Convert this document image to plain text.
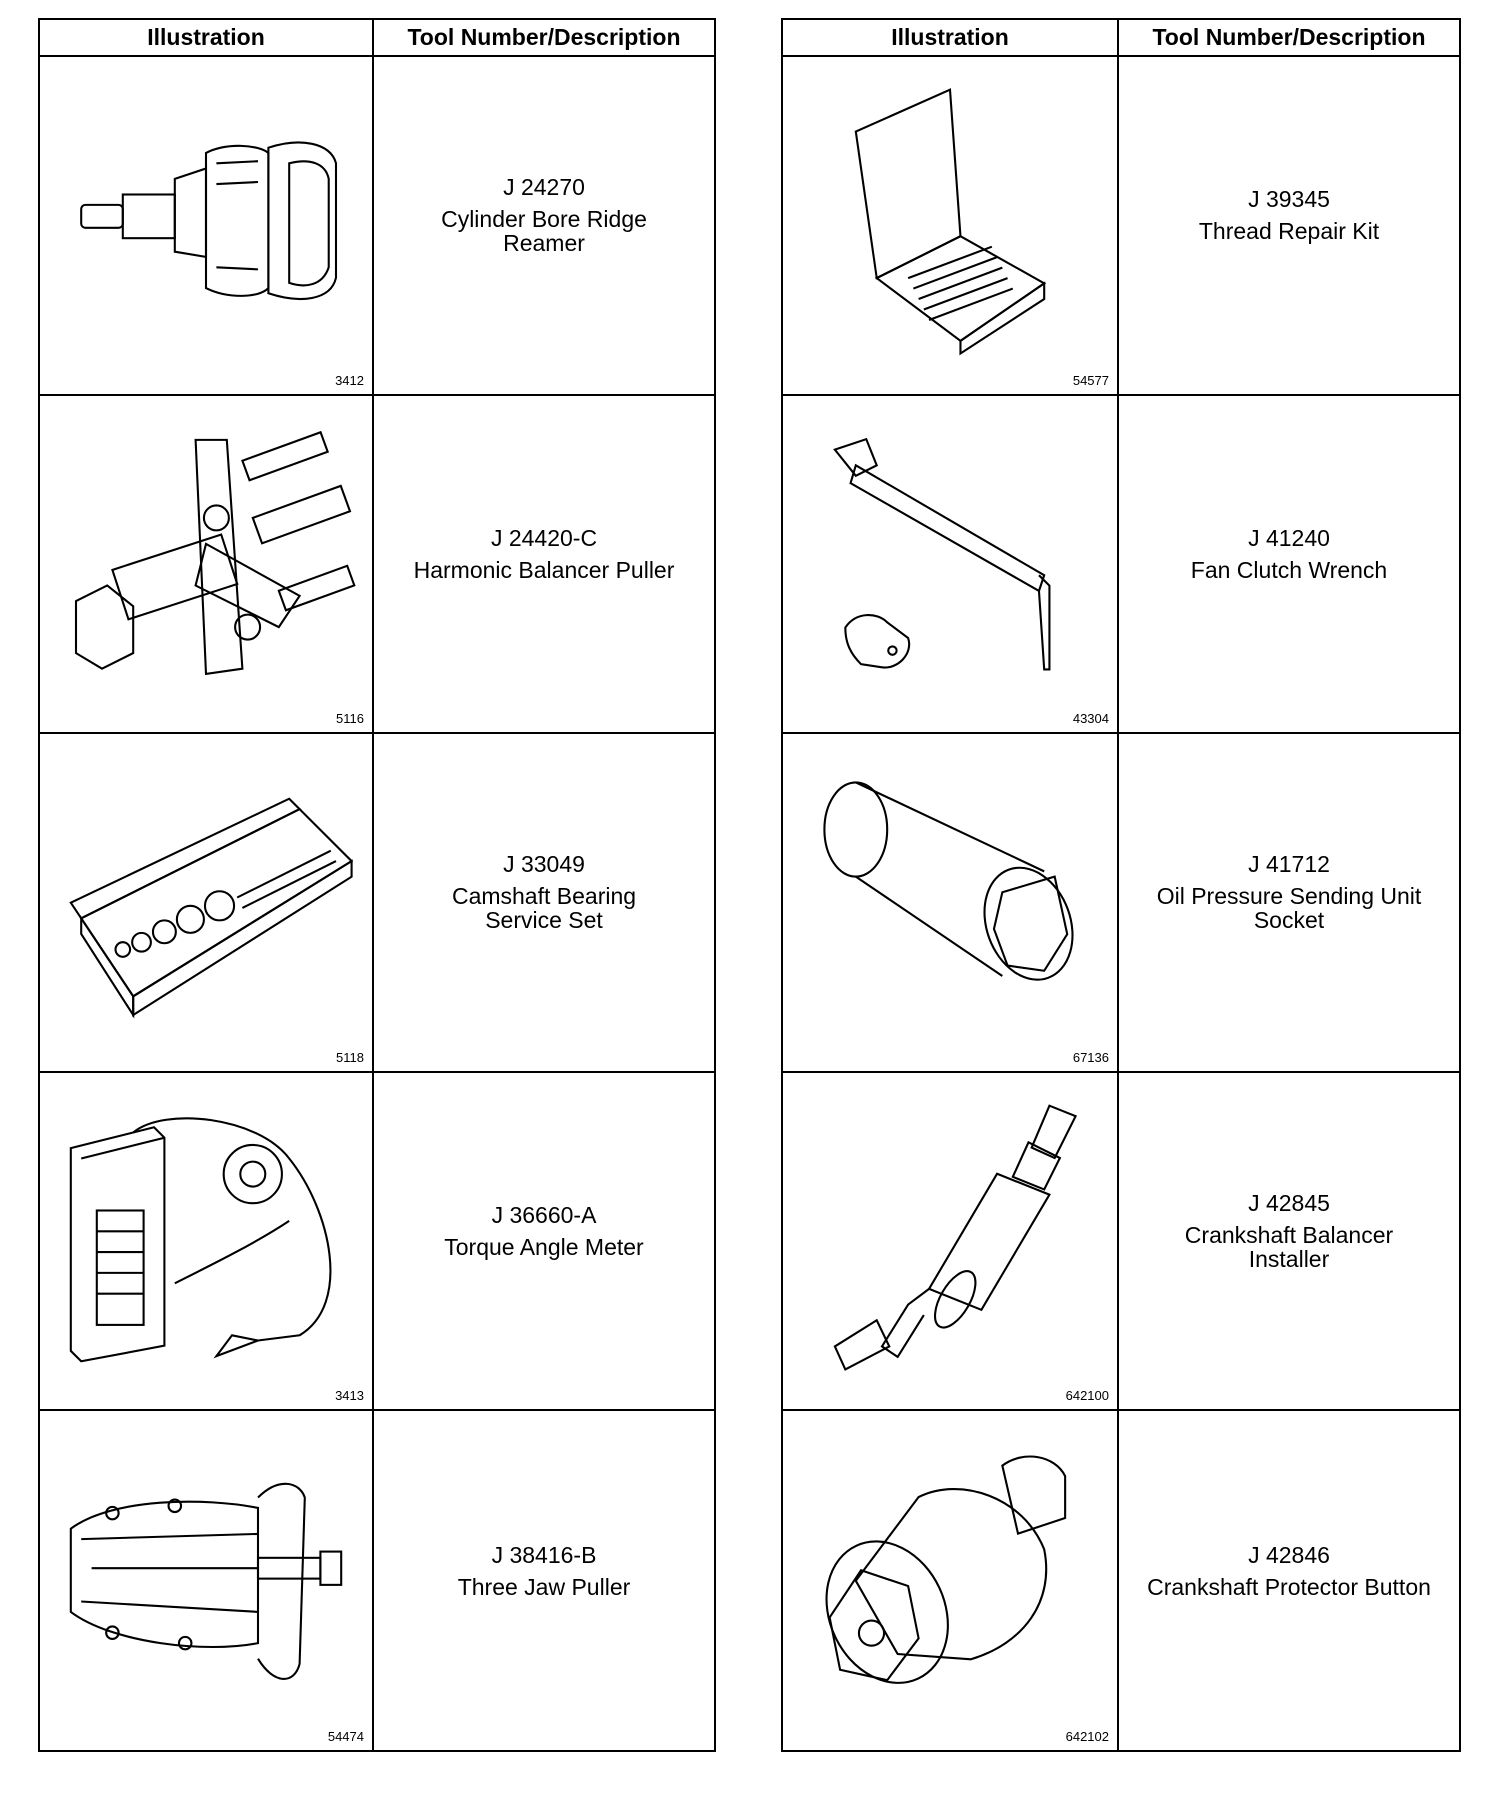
Illustration	Tool Number/Description
3412
J 24270
Cylinder Bore Ridge Reamer
5116
J 24420-C
Harmonic Balancer Puller
5118
J 33049
Camshaft Bearing Service Set
3413
J 36660-A
Torque Angle Meter
54474
J 38416-B
Three Jaw Puller
Illustration	Tool Number/Description
54577
J 39345
Thread Repair Kit
43304
J 41240
Fan Clutch Wrench
67136
J 41712
Oil Pressure Sending Unit Socket
642100
J 42845
Crankshaft Balancer Installer
642102
J 42846
Crankshaft Protector Button
